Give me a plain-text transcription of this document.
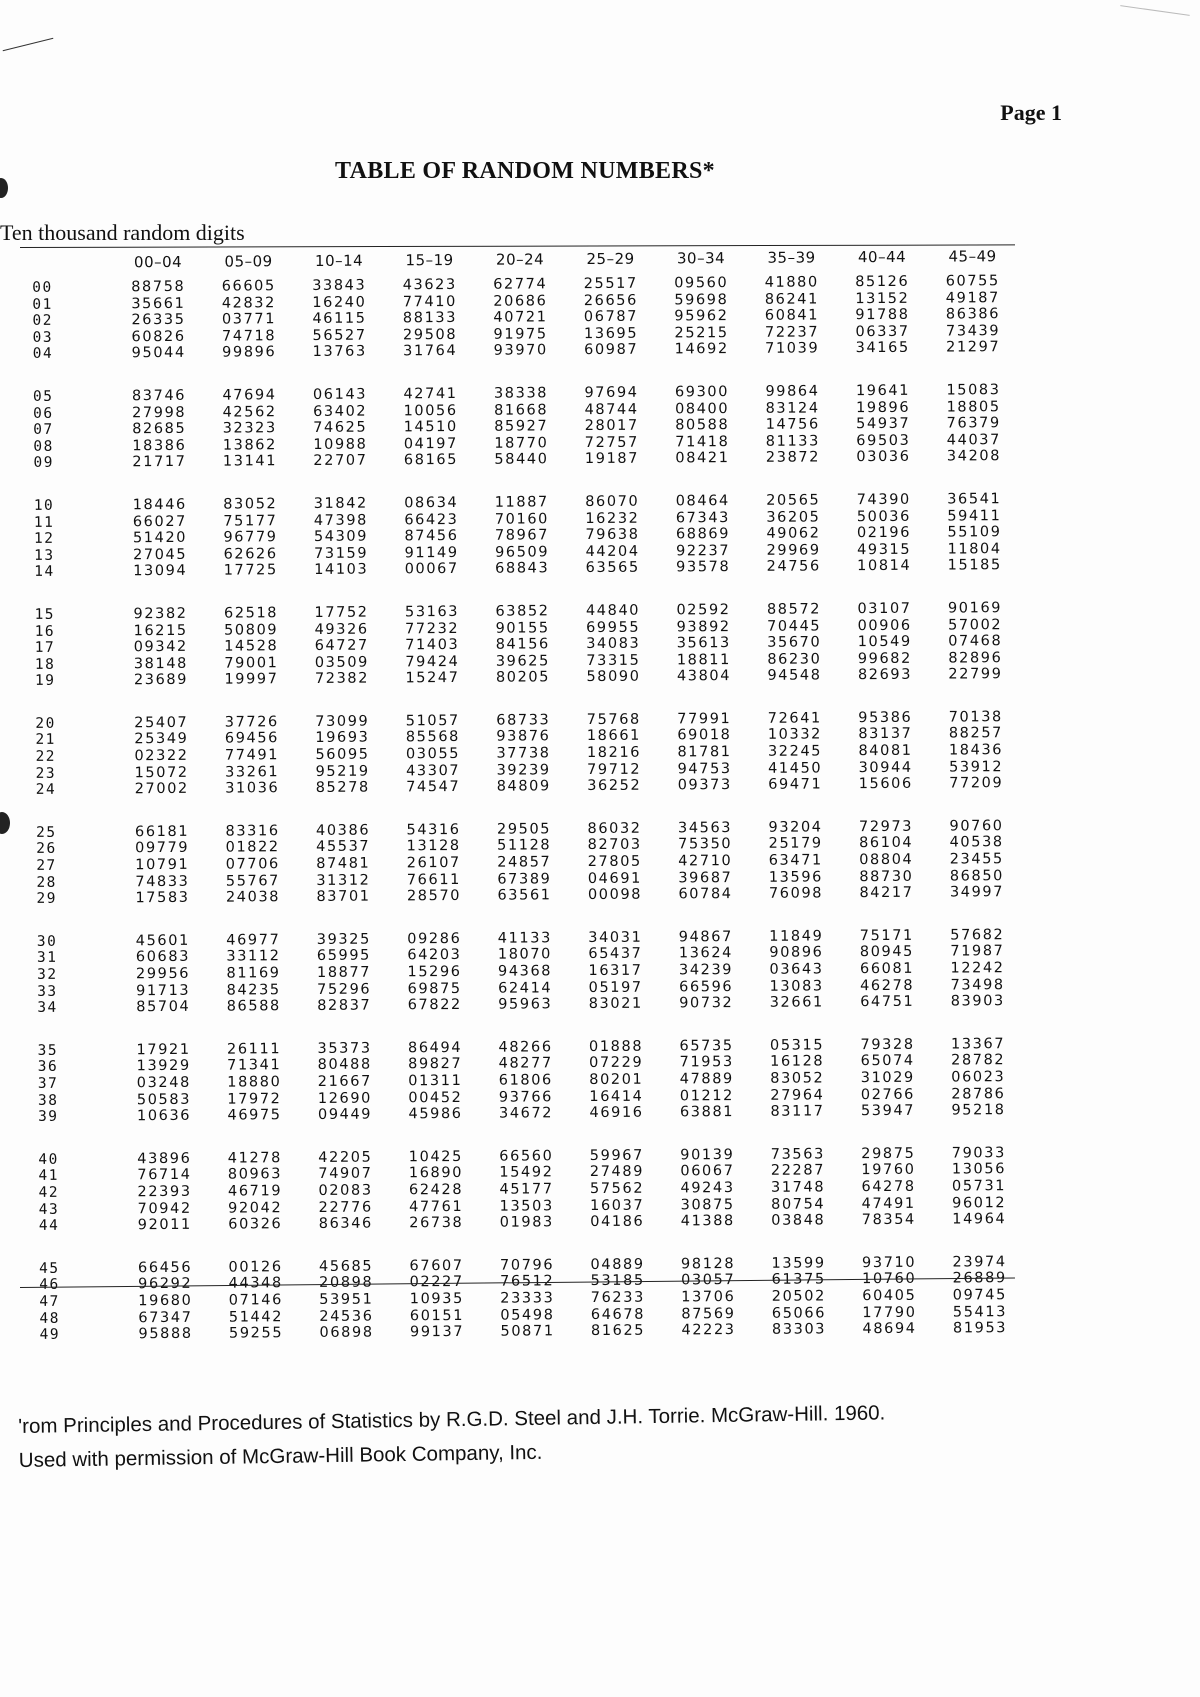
Page 1
TABLE OF RANDOM NUMBERS*
Ten thousand random digits
00–04	05–09	10–14	15–19	20–24	25–29	30–34	35–39	40–44	45–49
00	88758	66605	33843	43623	62774	25517	09560	41880	85126	60755
01	35661	42832	16240	77410	20686	26656	59698	86241	13152	49187
02	26335	03771	46115	88133	40721	06787	95962	60841	91788	86386
03	60826	74718	56527	29508	91975	13695	25215	72237	06337	73439
04	95044	99896	13763	31764	93970	60987	14692	71039	34165	21297
05	83746	47694	06143	42741	38338	97694	69300	99864	19641	15083
06	27998	42562	63402	10056	81668	48744	08400	83124	19896	18805
07	82685	32323	74625	14510	85927	28017	80588	14756	54937	76379
08	18386	13862	10988	04197	18770	72757	71418	81133	69503	44037
09	21717	13141	22707	68165	58440	19187	08421	23872	03036	34208
10	18446	83052	31842	08634	11887	86070	08464	20565	74390	36541
11	66027	75177	47398	66423	70160	16232	67343	36205	50036	59411
12	51420	96779	54309	87456	78967	79638	68869	49062	02196	55109
13	27045	62626	73159	91149	96509	44204	92237	29969	49315	11804
14	13094	17725	14103	00067	68843	63565	93578	24756	10814	15185
15	92382	62518	17752	53163	63852	44840	02592	88572	03107	90169
16	16215	50809	49326	77232	90155	69955	93892	70445	00906	57002
17	09342	14528	64727	71403	84156	34083	35613	35670	10549	07468
18	38148	79001	03509	79424	39625	73315	18811	86230	99682	82896
19	23689	19997	72382	15247	80205	58090	43804	94548	82693	22799
20	25407	37726	73099	51057	68733	75768	77991	72641	95386	70138
21	25349	69456	19693	85568	93876	18661	69018	10332	83137	88257
22	02322	77491	56095	03055	37738	18216	81781	32245	84081	18436
23	15072	33261	95219	43307	39239	79712	94753	41450	30944	53912
24	27002	31036	85278	74547	84809	36252	09373	69471	15606	77209
25	66181	83316	40386	54316	29505	86032	34563	93204	72973	90760
26	09779	01822	45537	13128	51128	82703	75350	25179	86104	40538
27	10791	07706	87481	26107	24857	27805	42710	63471	08804	23455
28	74833	55767	31312	76611	67389	04691	39687	13596	88730	86850
29	17583	24038	83701	28570	63561	00098	60784	76098	84217	34997
30	45601	46977	39325	09286	41133	34031	94867	11849	75171	57682
31	60683	33112	65995	64203	18070	65437	13624	90896	80945	71987
32	29956	81169	18877	15296	94368	16317	34239	03643	66081	12242
33	91713	84235	75296	69875	62414	05197	66596	13083	46278	73498
34	85704	86588	82837	67822	95963	83021	90732	32661	64751	83903
35	17921	26111	35373	86494	48266	01888	65735	05315	79328	13367
36	13929	71341	80488	89827	48277	07229	71953	16128	65074	28782
37	03248	18880	21667	01311	61806	80201	47889	83052	31029	06023
38	50583	17972	12690	00452	93766	16414	01212	27964	02766	28786
39	10636	46975	09449	45986	34672	46916	63881	83117	53947	95218
40	43896	41278	42205	10425	66560	59967	90139	73563	29875	79033
41	76714	80963	74907	16890	15492	27489	06067	22287	19760	13056
42	22393	46719	02083	62428	45177	57562	49243	31748	64278	05731
43	70942	92042	22776	47761	13503	16037	30875	80754	47491	96012
44	92011	60326	86346	26738	01983	04186	41388	03848	78354	14964
45	66456	00126	45685	67607	70796	04889	98128	13599	93710	23974
46	96292	44348	20898	02227	76512	53185	03057	61375	10760	26889
47	19680	07146	53951	10935	23333	76233	13706	20502	60405	09745
48	67347	51442	24536	60151	05498	64678	87569	65066	17790	55413
49	95888	59255	06898	99137	50871	81625	42223	83303	48694	81953
'rom Principles and Procedures of Statistics by R.G.D. Steel and J.H. Torrie. McGraw-Hill. 1960.
Used with permission of McGraw-Hill Book Company, Inc.
